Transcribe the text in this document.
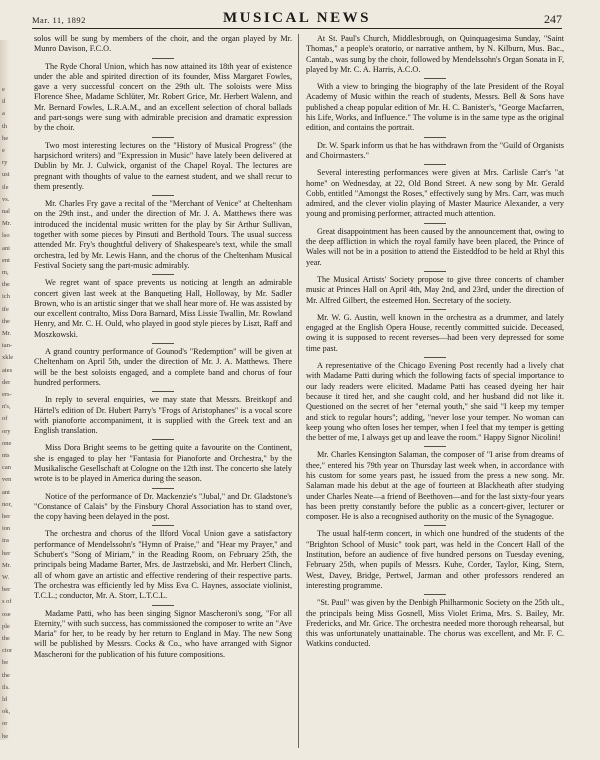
e
il
a
th
he
e
ry
ust
ile
vs.
nal
Mr.
lso
ani
ent
m,
the
ich
ife
the
Mr.
tan-
xkle
ates
der
ers-
n's,
of
ory
one
nts
can
ven
ant
nor,
her
ion
ira
her
Mr.
W.
ber
s of
ose
ple
the
ctor
be
the
ils.
ld
ok,
or
he
Mar. 11, 1892	MUSICAL NEWS	247

solos will be sung by members of the choir, and the organ played by Mr. Munro Davison, F.C.O.

The Ryde Choral Union, which has now attained its 18th year of existence under the able and spirited direction of its founder, Miss Margaret Fowles, gave a very successful concert on the 29th ult. The soloists were Miss Florence Shee, Madame Schlüter, Mr. Robert Grice, Mr. Herbert Walenn, and Mr. Bernard Fowles, L.R.A.M., and an excellent selection of choral ballads and part-songs were sung with admirable precision and dramatic expression by the choir.

Two most interesting lectures on the "History of Musical Progress" (the harpsichord writers) and "Expression in Music" have lately been delivered at Dublin by Mr. J. Culwick, organist of the Chapel Royal. The lectures are pregnant with thoughts of value to the earnest student, and we shall recur to them presently.

Mr. Charles Fry gave a recital of the "Merchant of Venice" at Cheltenham on the 29th inst., and under the direction of Mr. J. A. Matthews there was introduced the incidental music written for the play by Sir Arthur Sullivan, together with some pieces by Pinsuti and Berthold Tours. The usual success attended Mr. Fry's thoughtful delivery of Shakespeare's text, while the small orchestra, led by Mr. Lewis Hann, and the chorus of the Cheltenham Musical Festival Society sang the part-music admirably.

We regret want of space prevents us noticing at length an admirable concert given last week at the Banqueting Hall, Holloway, by Mr. Sadler Brown, who is an artistic singer that we shall hear more of. He was assisted by our excellent contralto, Miss Dora Barnard, Miss Lissie Twallin, Mr. Rowland Henry, and Mr. C. H. Ould, who played in good style pieces by Liszt, Raff and Moszkowski.

A grand country performance of Gounod's "Redemption" will be given at Cheltenham on April 5th, under the direction of Mr. J. A. Matthews. There will be the best soloists engaged, and a complete band and chorus of four hundred performers.

In reply to several enquiries, we may state that Messrs. Breitkopf and Härtel's edition of Dr. Hubert Parry's "Frogs of Aristophanes" is a vocal score with pianoforte accompaniment, it is supplied with the Greek text and an English translation.

Miss Dora Bright seems to be getting quite a favourite on the Continent, she is engaged to play her "Fantasia for Pianoforte and Orchestra," by the Musikalische Gesellschaft at Cologne on the 12th inst. The concerto she lately wrote is to be played in America during the season.

Notice of the performance of Dr. Mackenzie's "Jubal," and Dr. Gladstone's "Constance of Calais" by the Finsbury Choral Association has to stand over, the copy having been delayed in the post.

The orchestra and chorus of the Ilford Vocal Union gave a satisfactory performance of Mendelssohn's "Hymn of Praise," and "Hear my Prayer," and Schubert's "Song of Miriam," in the Reading Room, on February 25th, the principals being Madame Barter, Mrs. de Jastrzebski, and Mr. Herbert Clinch, all of whom gave an artistic and effective rendering of their respective parts. The orchestra was efficiently led by Miss Eva C. Haynes, associate violinist, T.C.L.; conductor, Mr. A. Storr, L.T.C.L.

Madame Patti, who has been singing Signor Mascheroni's song, "For all Eternity," with such success, has commissioned the composer to write an "Ave Maria" for her, to be ready by her return to England in May. The new Song will be published by Messrs. Cocks & Co., who have arranged with Signor Mascheroni for the publication of his future compositions.

At St. Paul's Church, Middlesbrough, on Quinquagesima Sunday, "Saint Thomas," a people's oratorio, or narrative anthem, by N. Kilburn, Mus. Bac., Cantab., was sung by the choir, followed by Mendelssohn's Organ Sonata in F, played by Mr. C. A. Harris, A.C.O.

With a view to bringing the biography of the late President of the Royal Academy of Music within the reach of students, Messrs. Bell & Sons have published a cheap popular edition of Mr. H. C. Banister's, "George Macfarren, his Life, Works, and Influence." The volume is in the same type as the original edition, and contains the portrait.

Dr. W. Spark inform us that he has withdrawn from the "Guild of Organists and Choirmasters."

Several interesting performances were given at Mrs. Carlisle Carr's "at home" on Wednesday, at 22, Old Bond Street. A new song by Mr. Gerald Cobb, entitled "Amongst the Roses," effectively sung by Mrs. Carr, was much admired, and the clever violin playing of Master Maurice Alexander, a very young and promising performer, attracted much attention.

Great disappointment has been caused by the announcement that, owing to the deep affliction in which the royal family have been placed, the Prince of Wales will not be in a position to attend the Eisteddfod to be held at Rhyl this year.

The Musical Artists' Society propose to give three concerts of chamber music at Princes Hall on April 4th, May 2nd, and 23rd, under the direction of Mr. Alfred Gilbert, the esteemed Hon. Secretary of the society.

Mr. W. G. Austin, well known in the orchestra as a drummer, and lately engaged at the English Opera House, recently committed suicide. Deceased, owing it is supposed to recent reverses—had been very depressed for some time past.

A representative of the Chicago Evening Post recently had a lively chat with Madame Patti during which the following facts of special importance to our lady readers were elicited. Madame Patti has ceased dyeing her hair because it tired her, and she caught cold, and her husband did not like it. Questioned on the secret of her "eternal youth," she said "I keep my temper and stick to regular hours"; adding, "never lose your temper. No woman can keep young who often loses her temper, when I feel that my temper is getting the better of me, I always get up and leave the room." Happy Signor Nicolini!

Mr. Charles Kensington Salaman, the composer of "I arise from dreams of thee," entered his 79th year on Thursday last week when, in accordance with his custom for some years past, he issued from the press a new song. Mr. Salaman made his debut at the age of fourteen at Blackheath after studying under Charles Neate—a friend of Beethoven—and for the last sixty-four years has been pretty constantly before the public as a concert-giver, lecturer or composer. He is also a recognised authority on the music of the Synagogue.

The usual half-term concert, in which one hundred of the students of the "Brighton School of Music" took part, was held in the Concert Hall of the Institution, before an audience of five hundred persons on Tuesday evening, February 25th, when pupils of Messrs. Kuhe, Corder, Taylor, King, Stern, West, Davey, Bridge, Pertwel, Jarman and other professors rendered an interesting programme.

"St. Paul" was given by the Denbigh Philharmonic Society on the 25th ult., the principals being Miss Gosnell, Miss Violet Erima, Mrs. S. Bailey, Mr. Fredericks, and Mr. Grice. The orchestra needed more thorough rehearsal, but this was unfortunately unattainable. The chorus was excellent, and Mr. F. C. Watkins conducted.
